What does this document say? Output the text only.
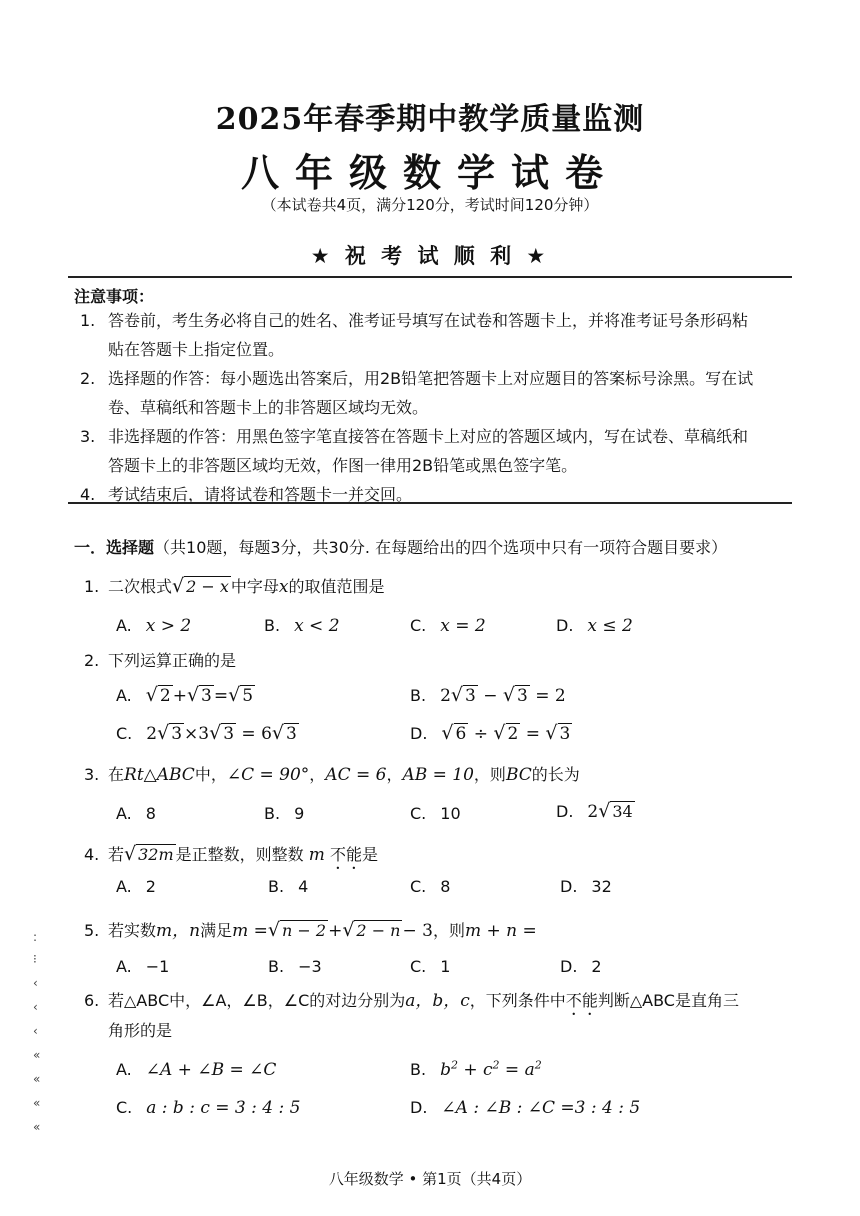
2025年春季期中教学质量监测
八年级数学试卷
（本试卷共4页，满分120分，考试时间120分钟）
★ 祝 考 试 顺 利 ★
注意事项：
1. 答卷前，考生务必将自己的姓名、准考证号填写在试卷和答题卡上，并将准考证号条形码粘
贴在答题卡上指定位置。
2. 选择题的作答：每小题选出答案后，用2B铅笔把答题卡上对应题目的答案标号涂黑。写在试
卷、草稿纸和答题卡上的非答题区域均无效。
3. 非选择题的作答：用黑色签字笔直接答在答题卡上对应的答题区域内，写在试卷、草稿纸和
答题卡上的非答题区域均无效，作图一律用2B铅笔或黑色签字笔。
4. 考试结束后，请将试卷和答题卡一并交回。
一．选择题（共10题，每题3分，共30分. 在每题给出的四个选项中只有一项符合题目要求）
1. 二次根式√ 2 − x 中字母x的取值范围是
A. x > 2	B. x < 2	C. x = 2	D. x ≤ 2
2. 下列运算正确的是
A. √ 2 +√ 3 =√ 5	B. 2√ 3 − √ 3 = 2
C. 2√ 3 ×3√ 3 = 6√ 3	D. √ 6 ÷ √ 2 = √ 3
3. 在Rt△ABC中，∠C = 90°，AC = 6，AB = 10，则BC的长为
A. 8	B. 9	C. 10	D. 2√ 34
4. 若√ 32m 是正整数，则整数 m 不能是
A. 2	B. 4	C. 8	D. 32
5. 若实数m，n满足m =√ n − 2 +√ 2 − n − 3，则m + n =
A. −1	B. −3	C. 1	D. 2
6. 若△ABC中，∠A，∠B，∠C的对边分别为a，b，c，下列条件中不能判断△ABC是直角三
角形的是
A. ∠A + ∠B = ∠C	B. $b^2 + c^2 = a^2$
C. a : b : c = 3 : 4 : 5	D. ∠A : ∠B : ∠C =3 : 4 : 5
:
⁝
‹
‹
‹
«
«
«
«
八年级数学 • 第1页（共4页）
